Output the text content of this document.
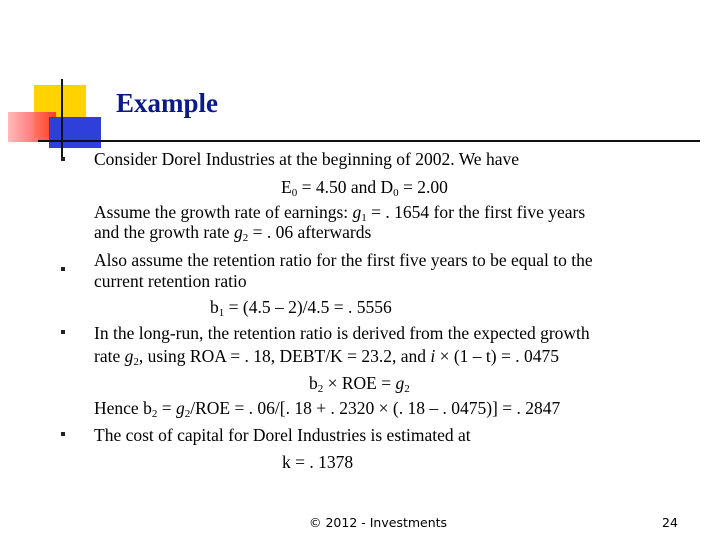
Example
Consider Dorel Industries at the beginning of 2002. We have
$E_0 = 4.50$ and $D_0 = 2.00$
Assume the growth rate of earnings: $g_1$ = . 1654 for the first five years
and the growth rate $g_2$ = . 06 afterwards
Also assume the retention ratio for the first five years to be equal to the
current retention ratio
$b_1 = (4.5 - 2)/4.5$ = . 5556
In the long-run, the retention ratio is derived from the expected growth
rate $g_2$, using ROA = . 18, DEBT/K = 23.2, and i × (1 – t) = . 0475
$b_2$ × ROE = $g_2$
Hence $b_2 = g_2/ROE$ = . 06/[. 18 + . 2320 × (. 18 – . 0475)] = . 2847
The cost of capital for Dorel Industries is estimated at
k = . 1378
© 2012 - Investments	24
